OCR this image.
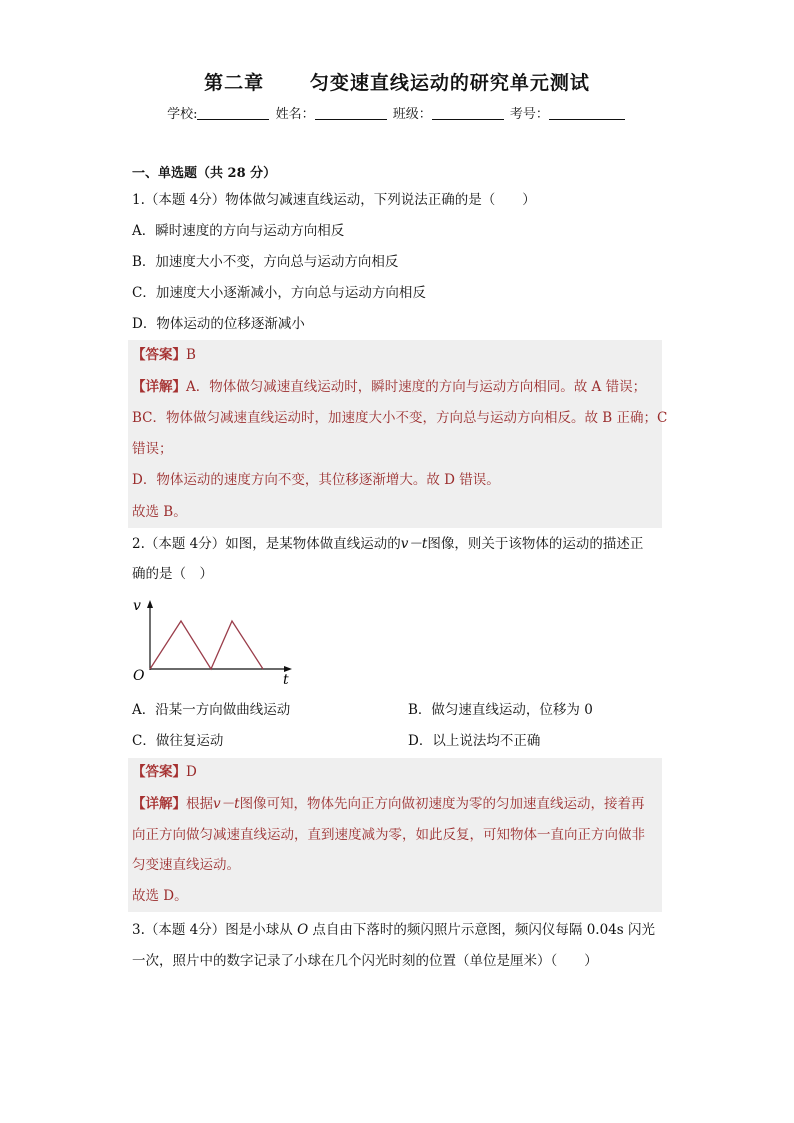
第二章      匀变速直线运动的研究单元测试
学校:	姓名：	班级：	考号：
一、单选题（共 28 分）
1.（本题 4分）物体做匀减速直线运动，下列说法正确的是（　　）
A．瞬时速度的方向与运动方向相反
B．加速度大小不变，方向总与运动方向相反
C．加速度大小逐渐减小，方向总与运动方向相反
D．物体运动的位移逐渐减小
【答案】B
【详解】A．物体做匀减速直线运动时，瞬时速度的方向与运动方向相同。故 A 错误；
BC．物体做匀减速直线运动时，加速度大小不变，方向总与运动方向相反。故 B 正确；C
错误；
D．物体运动的速度方向不变，其位移逐渐增大。故 D 错误。
故选 B。
2.（本题 4分）如图，是某物体做直线运动的v－t图像，则关于该物体的运动的描述正
确的是（　）
v
t
O
A．沿某一方向做曲线运动	B．做匀速直线运动，位移为 0
C．做往复运动	D．以上说法均不正确
【答案】D
【详解】根据v－t图像可知，物体先向正方向做初速度为零的匀加速直线运动，接着再
向正方向做匀减速直线运动，直到速度减为零，如此反复，可知物体一直向正方向做非
匀变速直线运动。
故选 D。
3.（本题 4分）图是小球从 O 点自由下落时的频闪照片示意图，频闪仪每隔 0.04s 闪光
一次，照片中的数字记录了小球在几个闪光时刻的位置（单位是厘米）（　　）
